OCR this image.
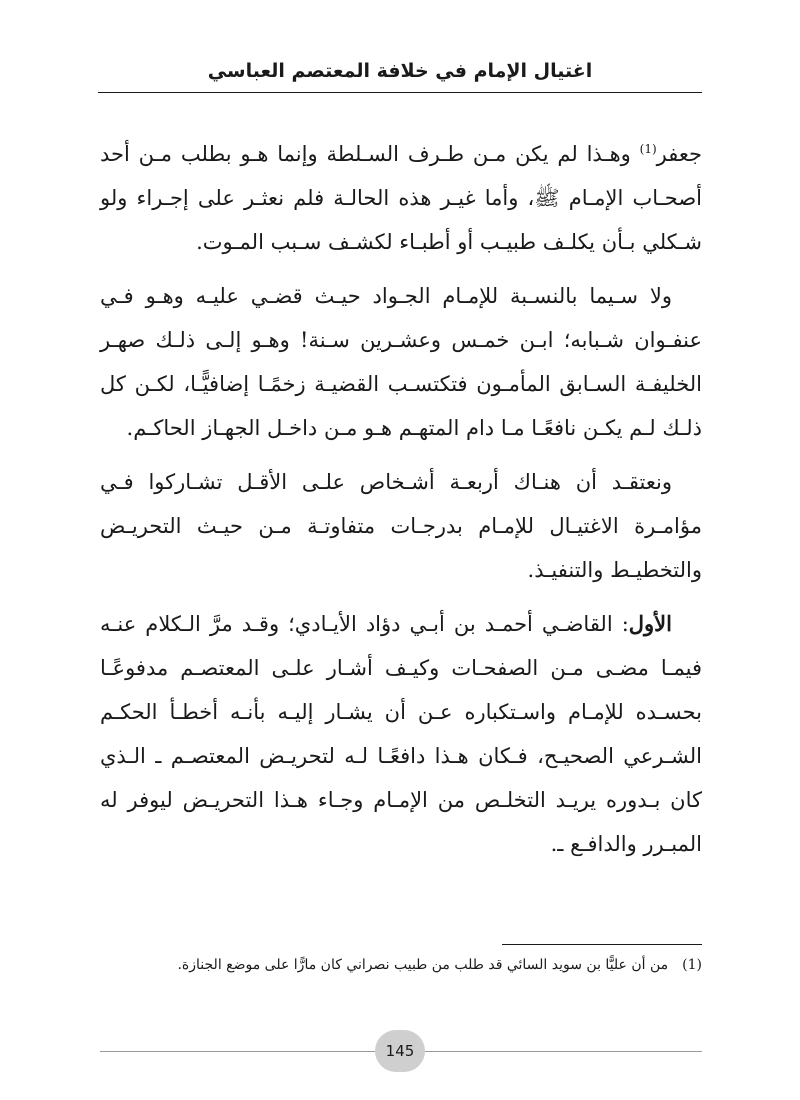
اغتيال الإمام في خلافة المعتصم العباسي

جعفر$^{(1)}$ وهـذا لم يكن مـن طـرف السـلطة وإنما هـو بطلب مـن أحد أصحـاب الإمـام ﷺ، وأما غيـر هذه الحالـة فلم نعثـر على إجـراء ولو شـكلي بـأن يكلـف طبيـب أو أطبـاء لكشـف سـبب المـوت.

ولا سـيما بالنسـبة للإمـام الجـواد حيـث قضـي عليـه وهـو فـي عنفـوان شـبابه؛ ابـن خمـس وعشـرين سـنة! وهـو إلـى ذلـك صهـر الخليفـة السـابق المأمـون فتكتسـب القضيـة زخمًـا إضافيًّـا، لكـن كل ذلـك لـم يكـن نافعًـا مـا دام المتهـم هـو مـن داخـل الجهـاز الحاكـم.

ونعتقـد أن هنـاك أربعـة أشـخاص علـى الأقـل تشـاركوا فـي مؤامـرة الاغتيـال للإمـام بدرجـات متفاوتـة مـن حيـث التحريـض والتخطيـط والتنفيـذ.

الأول: القاضـي أحمـد بن أبـي دؤاد الأيـادي؛ وقـد مرَّ الـكلام عنـه فيمـا مضـى مـن الصفحـات وكيـف أشـار علـى المعتصـم مدفوعًـا بحسـده للإمـام واسـتكباره عـن أن يشـار إليـه بأنـه أخطـأ الحكـم الشـرعي الصحيـح، فـكان هـذا دافعًـا لـه لتحريـض المعتصـم ـ الـذي كان بـدوره يريـد التخلـص من الإمـام وجـاء هـذا التحريـض ليوفر له المبـرر والدافـع ـ.

(1)من أن عليًّا بن سويد السائي قد طلب من طبيب نصراني كان مارًّا على موضع الجنازة.
145
